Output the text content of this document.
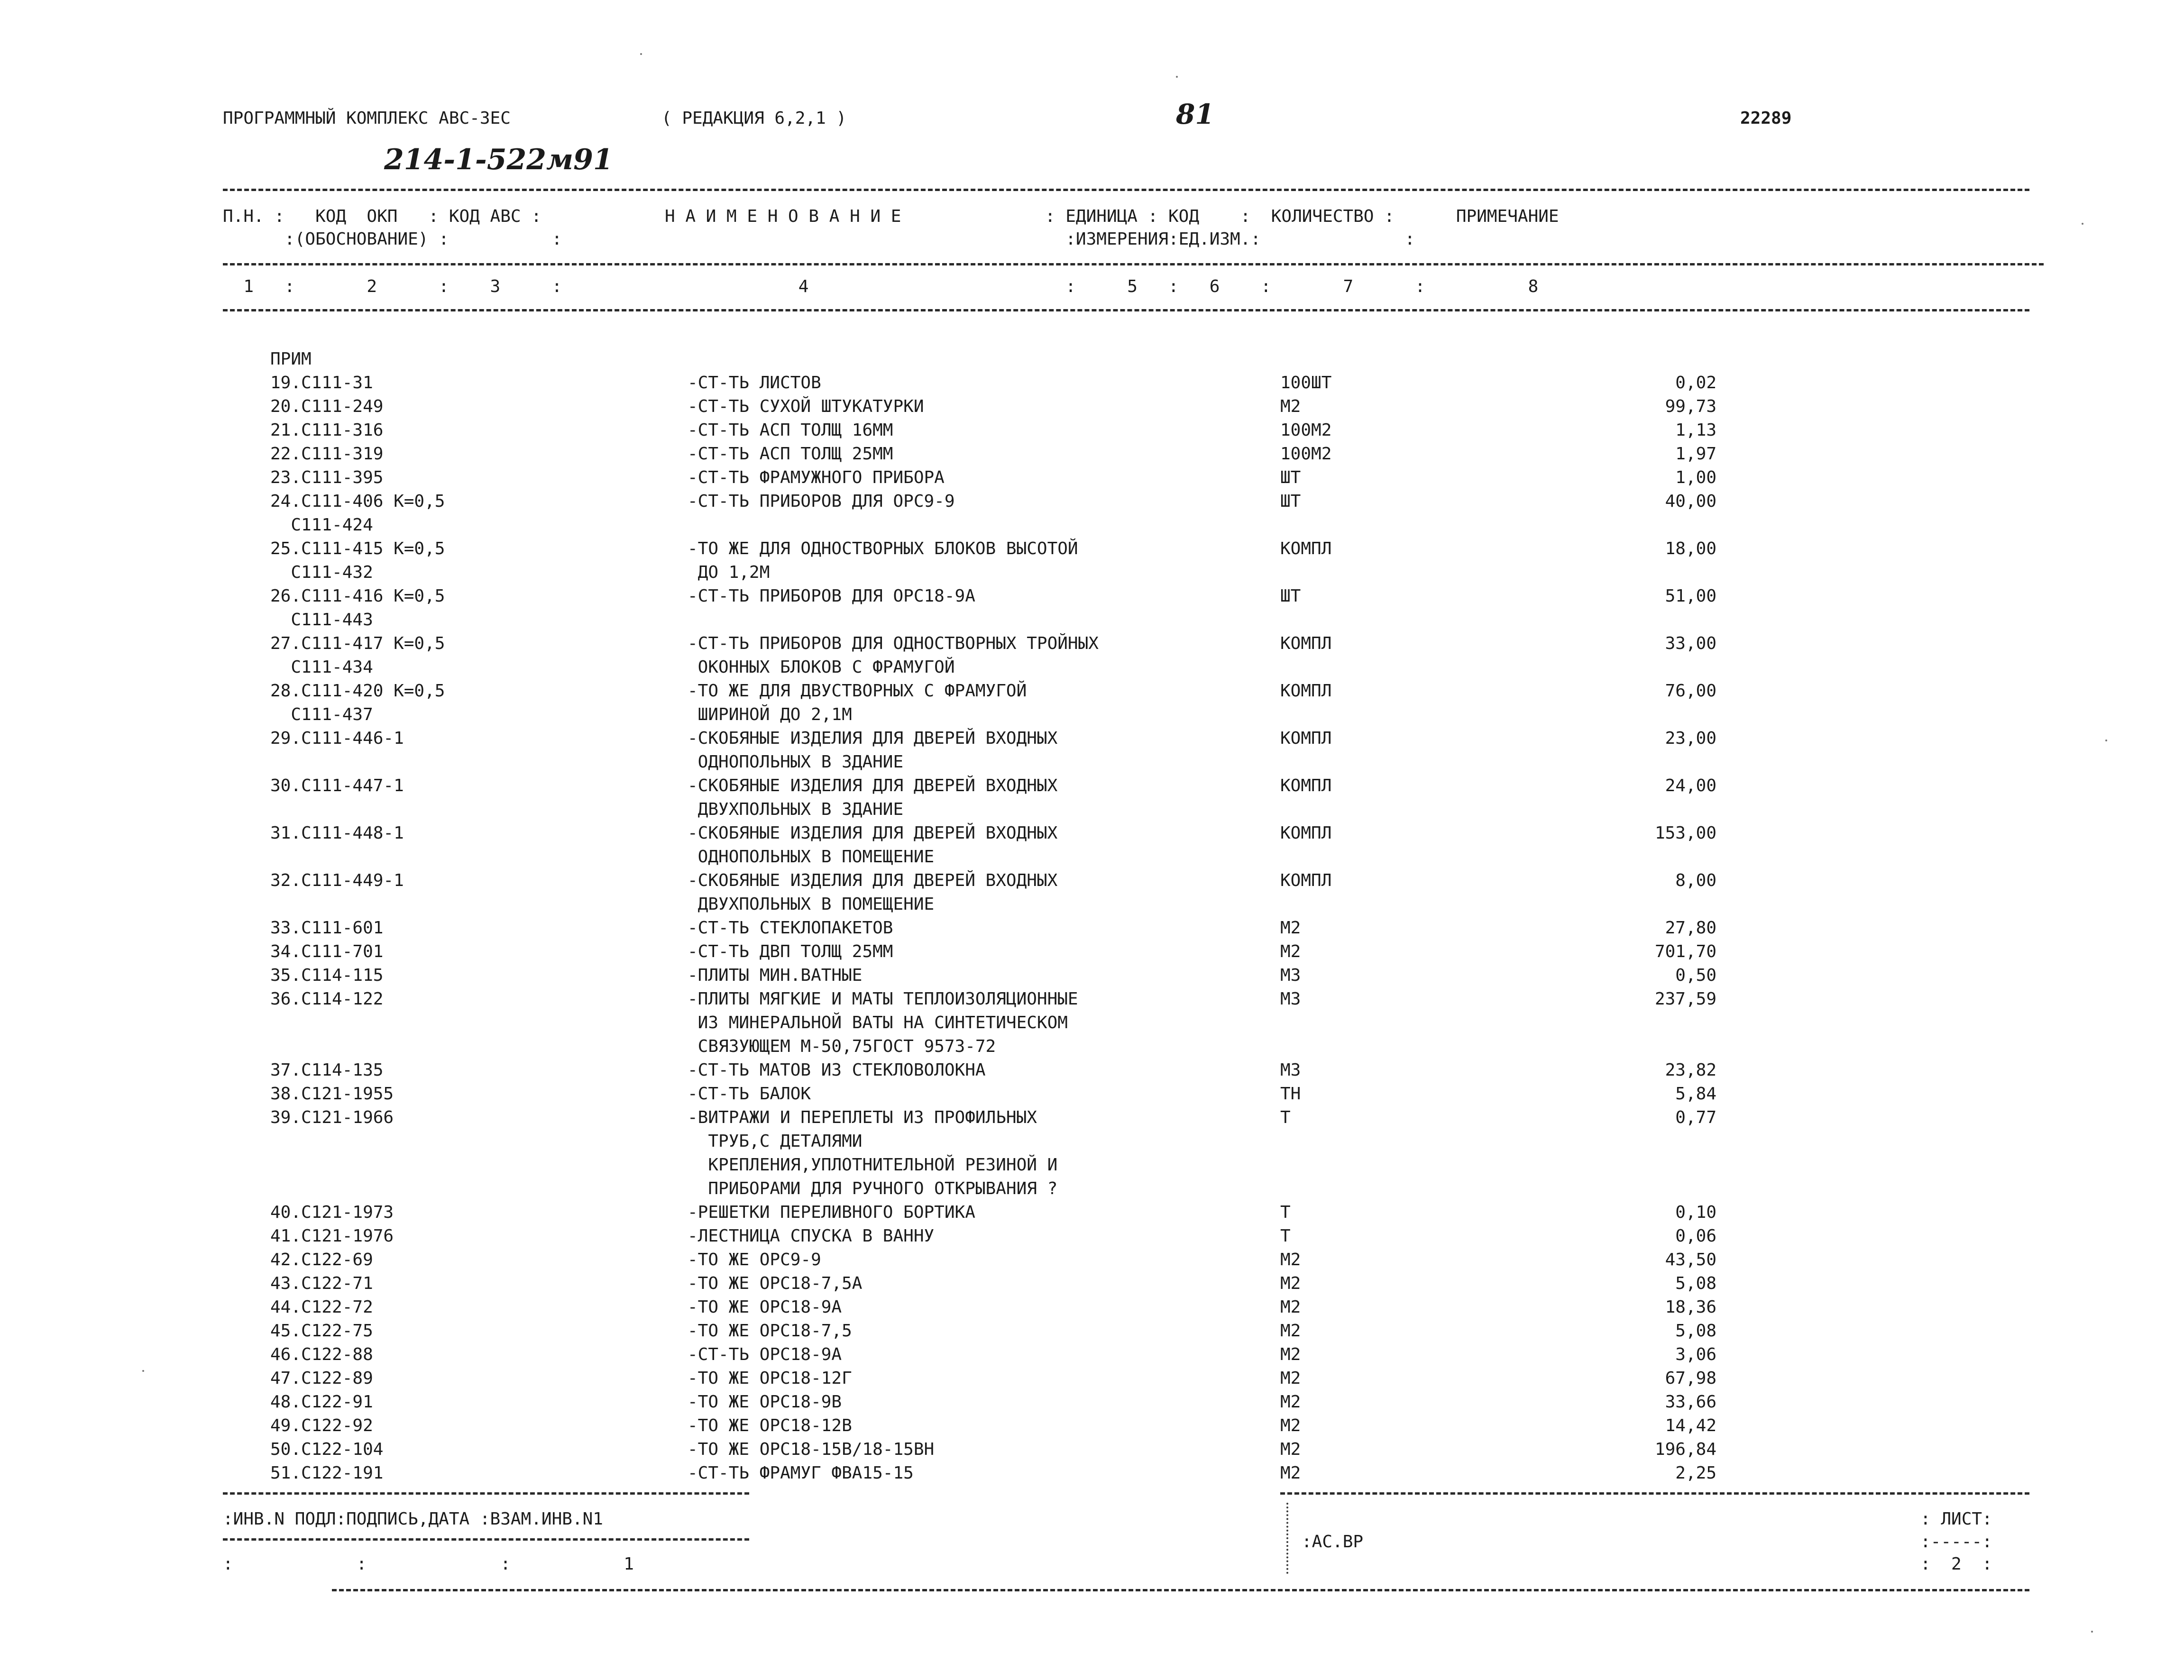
ПРОГРАММНЫЙ КОМПЛЕКС АВС-3ЕС	( РЕДАКЦИЯ 6,2,1 )	81	22289
214-1-522м91
П.Н. :   КОД  ОКП   : КОД АВС :            Н А И М Е Н О В А Н И Е              : ЕДИНИЦА : КОД    :  КОЛИЧЕСТВО :      ПРИМЕЧАНИЕ
:(ОБОСНОВАНИЕ) :          :                                                 :ИЗМЕРЕНИЯ:ЕД.ИЗМ.:              :
1   :       2      :    3     :                       4                         :     5   :   6    :       7      :          8
ПРИМ
19.С111-31	-СТ-ТЬ ЛИСТОВ	100ШТ	0,02
20.С111-249	-СТ-ТЬ СУХОЙ ШТУКАТУРКИ	М2	99,73
21.С111-316	-СТ-ТЬ АСП ТОЛЩ 16ММ	100М2	1,13
22.С111-319	-СТ-ТЬ АСП ТОЛЩ 25ММ	100М2	1,97
23.С111-395	-СТ-ТЬ ФРАМУЖНОГО ПРИБОРА	ШТ	1,00
24.С111-406 К=0,5	-СТ-ТЬ ПРИБОРОВ ДЛЯ ОРС9-9	ШТ	40,00
С111-424
25.С111-415 К=0,5	-ТО ЖЕ ДЛЯ ОДНОСТВОРНЫХ БЛОКОВ ВЫСОТОЙ	КОМПЛ	18,00
С111-432	ДО 1,2М
26.С111-416 К=0,5	-СТ-ТЬ ПРИБОРОВ ДЛЯ ОРС18-9А	ШТ	51,00
С111-443
27.С111-417 К=0,5	-СТ-ТЬ ПРИБОРОВ ДЛЯ ОДНОСТВОРНЫХ ТРОЙНЫХ	КОМПЛ	33,00
С111-434	ОКОННЫХ БЛОКОВ С ФРАМУГОЙ
28.С111-420 К=0,5	-ТО ЖЕ ДЛЯ ДВУСТВОРНЫХ С ФРАМУГОЙ	КОМПЛ	76,00
С111-437	ШИРИНОЙ ДО 2,1М
29.С111-446-1	-СКОБЯНЫЕ ИЗДЕЛИЯ ДЛЯ ДВЕРЕЙ ВХОДНЫХ	КОМПЛ	23,00
ОДНОПОЛЬНЫХ В ЗДАНИЕ
30.С111-447-1	-СКОБЯНЫЕ ИЗДЕЛИЯ ДЛЯ ДВЕРЕЙ ВХОДНЫХ	КОМПЛ	24,00
ДВУХПОЛЬНЫХ В ЗДАНИЕ
31.С111-448-1	-СКОБЯНЫЕ ИЗДЕЛИЯ ДЛЯ ДВЕРЕЙ ВХОДНЫХ	КОМПЛ	153,00
ОДНОПОЛЬНЫХ В ПОМЕЩЕНИЕ
32.С111-449-1	-СКОБЯНЫЕ ИЗДЕЛИЯ ДЛЯ ДВЕРЕЙ ВХОДНЫХ	КОМПЛ	8,00
ДВУХПОЛЬНЫХ В ПОМЕЩЕНИЕ
33.С111-601	-СТ-ТЬ СТЕКЛОПАКЕТОВ	М2	27,80
34.С111-701	-СТ-ТЬ ДВП ТОЛЩ 25ММ	М2	701,70
35.С114-115	-ПЛИТЫ МИН.ВАТНЫЕ	М3	0,50
36.С114-122	-ПЛИТЫ МЯГКИЕ И МАТЫ ТЕПЛОИЗОЛЯЦИОННЫЕ	М3	237,59
ИЗ МИНЕРАЛЬНОЙ ВАТЫ НА СИНТЕТИЧЕСКОМ
СВЯЗУЮЩЕМ М-50,75ГОСТ 9573-72
37.С114-135	-СТ-ТЬ МАТОВ ИЗ СТЕКЛОВОЛОКНА	М3	23,82
38.С121-1955	-СТ-ТЬ БАЛОК	ТН	5,84
39.С121-1966	-ВИТРАЖИ И ПЕРЕПЛЕТЫ ИЗ ПРОФИЛЬНЫХ	Т	0,77
ТРУБ,С ДЕТАЛЯМИ
КРЕПЛЕНИЯ,УПЛОТНИТЕЛЬНОЙ РЕЗИНОЙ И
ПРИБОРАМИ ДЛЯ РУЧНОГО ОТКРЫВАНИЯ ?
40.С121-1973	-РЕШЕТКИ ПЕРЕЛИВНОГО БОРТИКА	Т	0,10
41.С121-1976	-ЛЕСТНИЦА СПУСКА В ВАННУ	Т	0,06
42.С122-69	-ТО ЖЕ ОРС9-9	М2	43,50
43.С122-71	-ТО ЖЕ ОРС18-7,5А	М2	5,08
44.С122-72	-ТО ЖЕ ОРС18-9А	М2	18,36
45.С122-75	-ТО ЖЕ ОРС18-7,5	М2	5,08
46.С122-88	-СТ-ТЬ ОРС18-9А	М2	3,06
47.С122-89	-ТО ЖЕ ОРС18-12Г	М2	67,98
48.С122-91	-ТО ЖЕ ОРС18-9В	М2	33,66
49.С122-92	-ТО ЖЕ ОРС18-12В	М2	14,42
50.С122-104	-ТО ЖЕ ОРС18-15В/18-15ВН	М2	196,84
51.С122-191	-СТ-ТЬ ФРАМУГ ФВА15-15	М2	2,25
:ИНВ.N ПОДЛ:ПОДПИСЬ,ДАТА :ВЗАМ.ИНВ.N1
:            :             :           1
:АС.ВР
: ЛИСТ:
:-----:
:  2  :
